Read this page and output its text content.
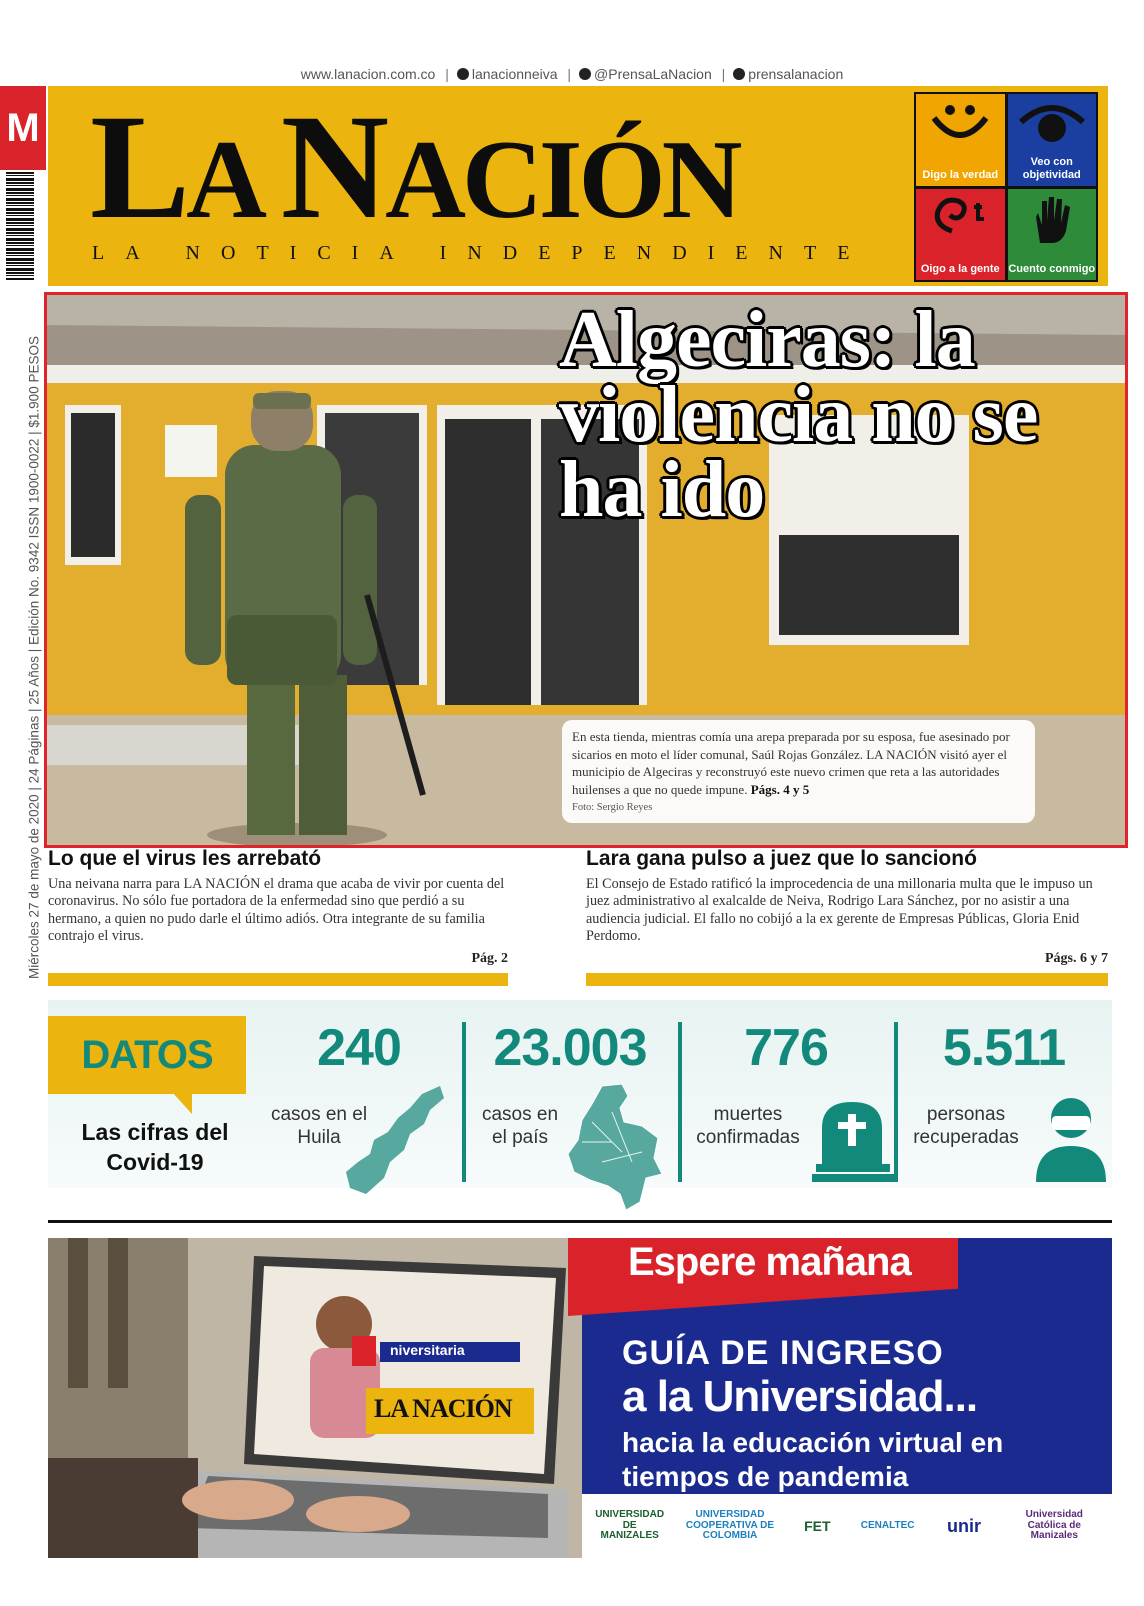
www.lanacion.com.co | lanacionneiva | @PrensaLaNacion | prensalanacion
M
Miércoles 27 de mayo de 2020 | 24 Páginas | 25 Años | Edición No. 9342 ISSN 1900-0022 | $1.900 PESOS
LA NACIÓN
LA NOTICIA INDEPENDIENTE
Digo la verdad
Veo con objetividad
Oigo a la gente Cuento conmigo
Algeciras: la violencia no se ha ido
En esta tienda, mientras comía una arepa preparada por su esposa, fue asesinado por sicarios en moto el líder comunal, Saúl Rojas González. LA NACIÓN visitó ayer el municipio de Algeciras y reconstruyó este nuevo crimen que reta a las autoridades huilenses a que no quede impune. Págs. 4 y 5
Foto: Sergio Reyes
Lo que el virus les arrebató

Una neivana narra para LA NACIÓN el drama que acaba de vivir por cuenta del coronavirus. No sólo fue portadora de la enfermedad sino que perdió a su hermano, a quien no pudo darle el último adiós. Otra integrante de su familia contrajo el virus.

Pág. 2
Lara gana pulso a juez que lo sancionó

El Consejo de Estado ratificó la improcedencia de una millonaria multa que le impuso un juez administrativo al exalcalde de Neiva, Rodrigo Lara Sánchez, por no asistir a una audiencia judicial. El fallo no cobijó a la ex gerente de Empresas Públicas, Gloria Enid Perdomo.

Págs. 6 y 7
DATOS
Las cifras del Covid-19
240
casos en el Huila
23.003
casos en el país
776
muertes confirmadas
5.511
personas recuperadas
niversitaria
LA NACIÓN
Espere mañana
GUÍA DE INGRESO
a la Universidad...
hacia la educación virtual en tiempos de pandemia
UNIVERSIDAD DE MANIZALES
UNIVERSIDAD COOPERATIVA DE COLOMBIA
FET	CENALTEC	unir
Universidad Católica de Manizales
